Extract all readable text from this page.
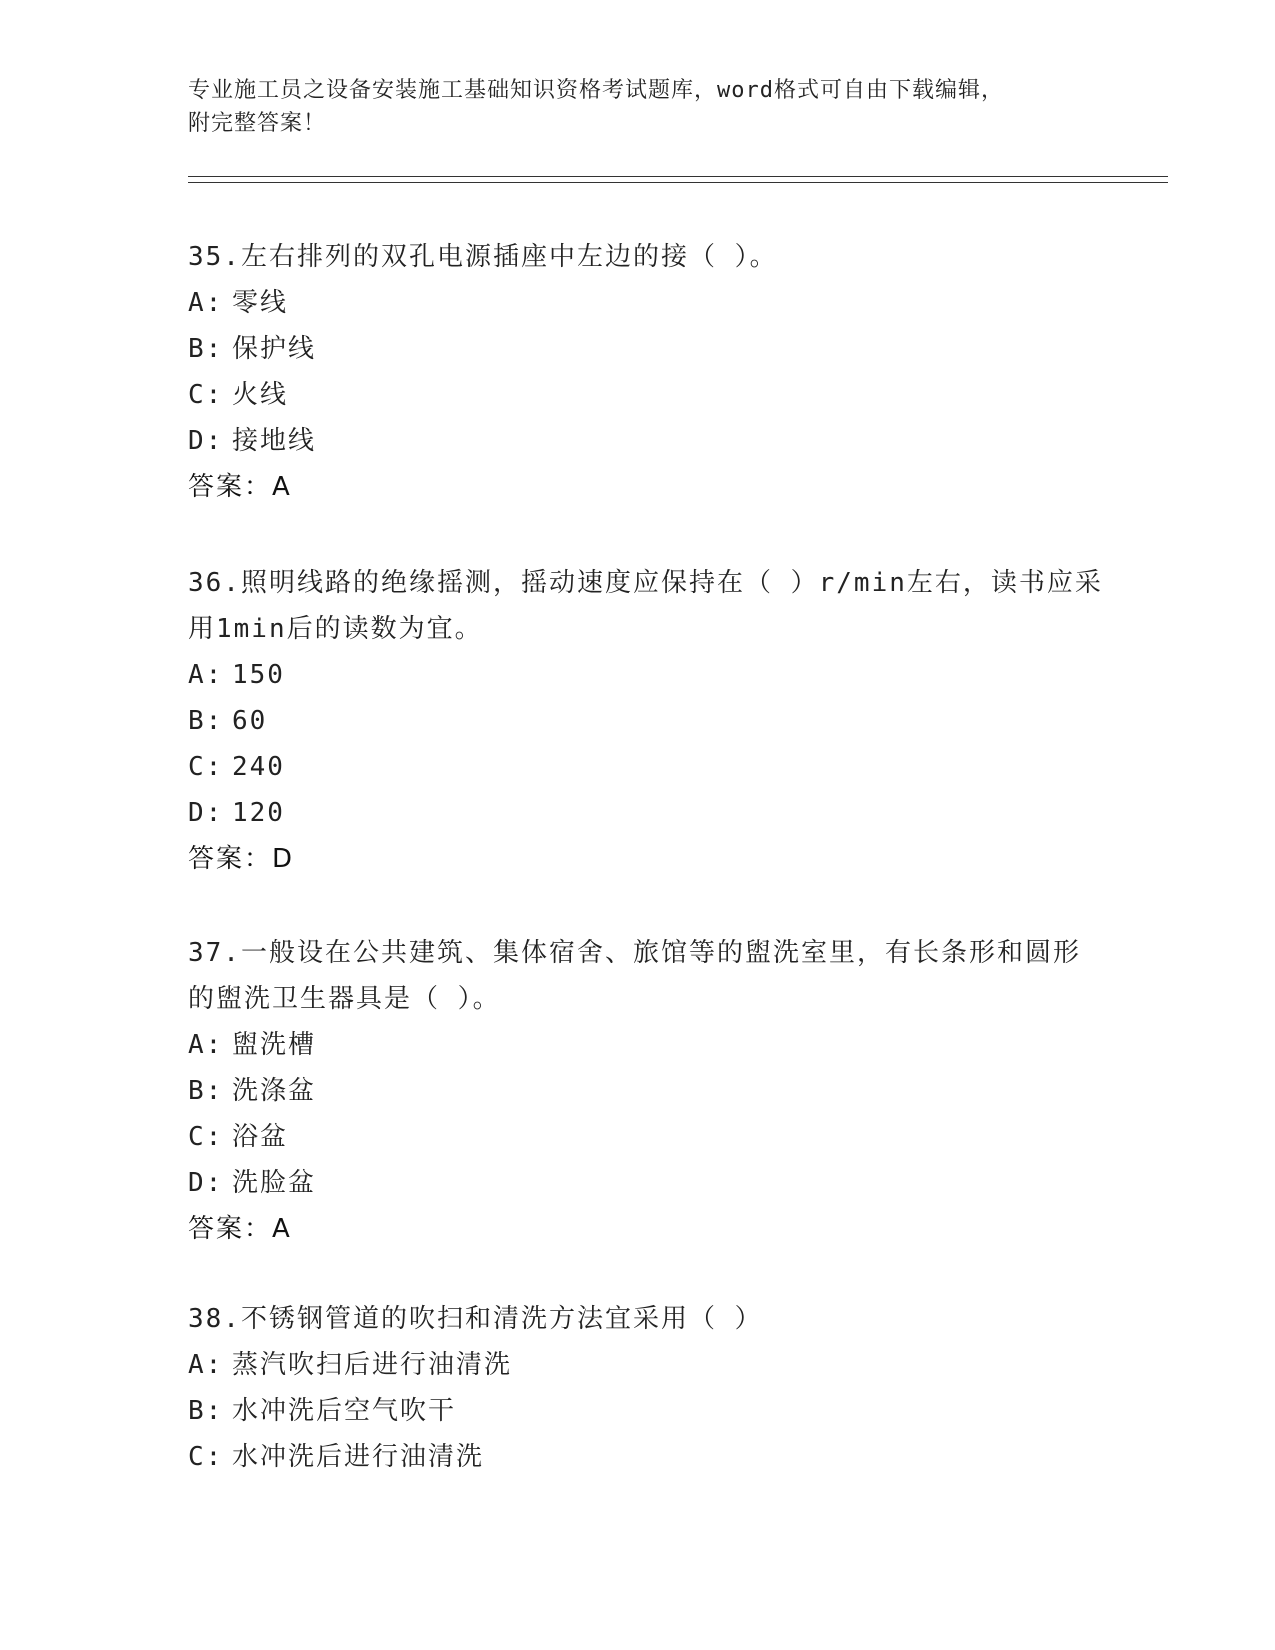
专业施工员之设备安装施工基础知识资格考试题库，word格式可自由下载编辑，
附完整答案！

35.左右排列的双孔电源插座中左边的接（ ）。

A: 零线

B: 保护线

C: 火线

D: 接地线

答案：A

36.照明线路的绝缘摇测，摇动速度应保持在（ ）r/min左右，读书应采用1min后的读数为宜。

A: 150

B: 60

C: 240

D: 120

答案：D

37.一般设在公共建筑、集体宿舍、旅馆等的盥洗室里，有长条形和圆形的盥洗卫生器具是（ ）。

A: 盥洗槽

B: 洗涤盆

C: 浴盆

D: 洗脸盆

答案：A

38.不锈钢管道的吹扫和清洗方法宜采用（ ）

A: 蒸汽吹扫后进行油清洗

B: 水冲洗后空气吹干

C: 水冲洗后进行油清洗
